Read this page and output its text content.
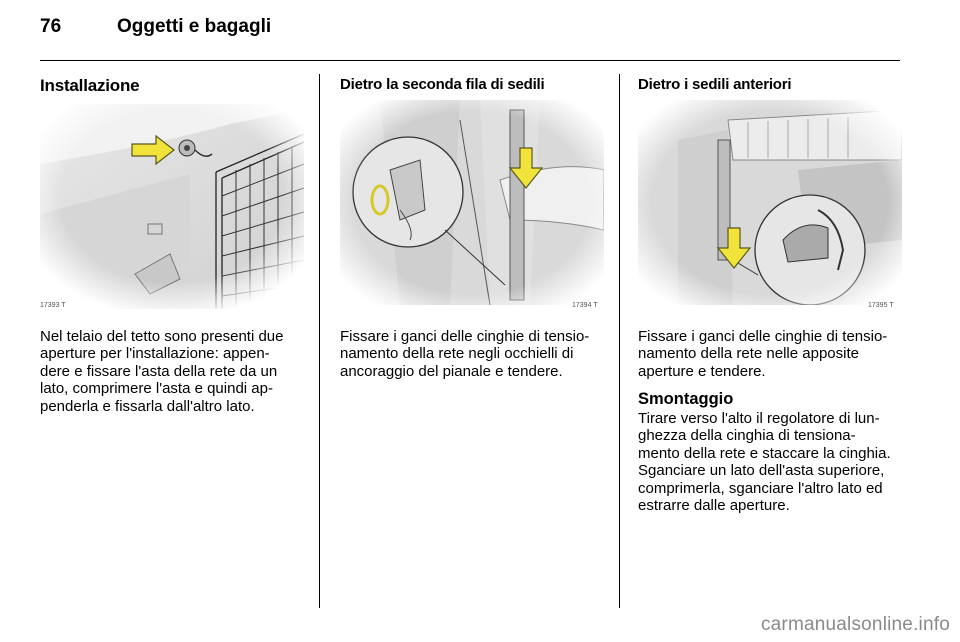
76	Oggetti e bagagli
Installazione
17393 T
Nel telaio del tetto sono presenti due
aperture per l'installazione: appen-
dere e fissare l'asta della rete da un
lato, comprimere l'asta e quindi ap-
penderla e fissarla dall'altro lato.
Dietro la seconda fila di sedili
17394 T
Fissare i ganci delle cinghie di tensio-
namento della rete negli occhielli di
ancoraggio del pianale e tendere.
Dietro i sedili anteriori
17395 T
Fissare i ganci delle cinghie di tensio-
namento della rete nelle apposite
aperture e tendere.
Smontaggio
Tirare verso l'alto il regolatore di lun-
ghezza della cinghia di tensiona-
mento della rete e staccare la cinghia.
Sganciare un lato dell'asta superiore,
comprimerla, sganciare l'altro lato ed
estrarre dalle aperture.
carmanualsonline.info
